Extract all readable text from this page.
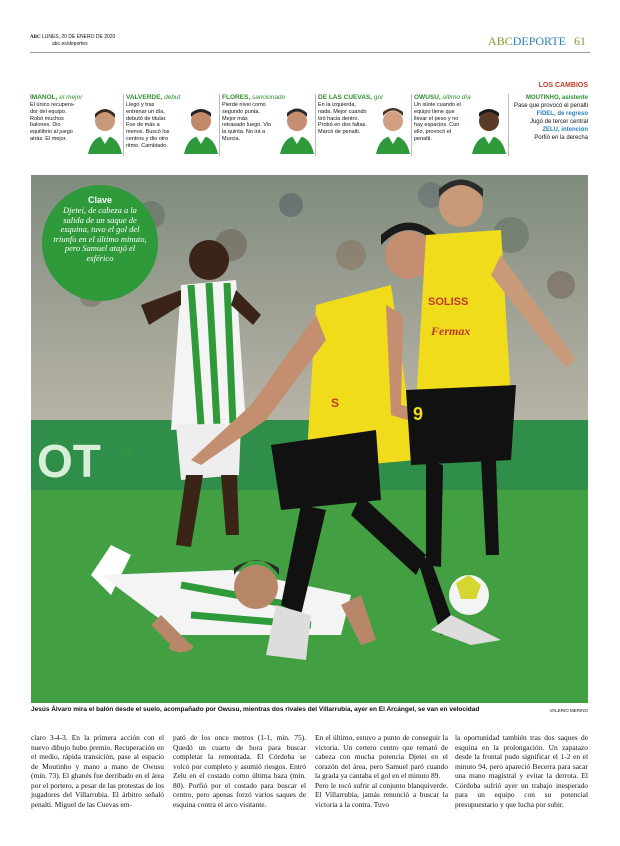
ABC LUNES, 20 DE ENERO DE 2020
abc.es/deportes	ABCDEPORTE 61
IMANOL, el mejor
El único recupera- dor del equipo. Robó muchos balones. Dio equilibrio al juego atrás. El mejor.
VALVERDE, debut
Llegó y tras entrenar un día, debutó de titular. Fue de más a menos. Buscó los centros y dio otro ritmo. Cambiado.
FLORES, sancionado
Pierde nivel como segundo punta. Mejor más retrasado luego. Vio la quinta. No irá a Murcia.
DE LAS CUEVAS, gol
En la izquierda, nada. Mejor cuando tiró hacia dentro. Probó en dos faltas. Marcó de penalti.
OWUSU, último día
Un islote cuando el equipo tiene que llevar el peso y no hay espacios. Con ello, provocó el penalti.
LOS CAMBIOS
MOUTINHO, asistente
Pase que provocó el penalti
FIDEL, de regreso
Jugó de tercer central
ZELU, intención
Porfió en la derecha
OT 9
S
SOLISS
Fermax
9
Clave
Djetei, de cabeza a la salida de un saque de esquina, tuvo el gol del triunfo en el último minuto, pero Samuel atajó el esférico
Jesús Álvaro mira el balón desde el suelo, acompañado por Owusu, mientras dos rivales del Villarrubia, ayer en El Arcángel, se van en velocidad	VALERIO MERINO
claro 3-4-3. En la primera acción con el nuevo dibujo hubo premio. Recuperación en el medio, rápida transición, pase al espacio de Moutinho y mano a mano de Owusu (min. 73). El ghanés fue derribado en el área por el portero, a pesar de las protestas de los jugadores del Villarrubia. El árbitro señaló penalti. Miguel de las Cuevas em-
pató de los once metros (1-1, min. 75). Quedó un cuarto de hora para buscar completar la remontada. El Córdoba se volcó por completo y asumió riesgos. Entró Zelu en el costado como última baza (min. 80). Porfió por el costado para buscar el centro, pero apenas forzó varios saques de esquina contra el arco visitante.
En el último, estuvo a punto de conseguir la victoria. Un certero centro que remató de cabeza con mucha potencia Djetei en el corazón del área, pero Samuel paró cuando la grada ya cantaba el gol en el minuto 89.
Pero le tocó sufrir al conjunto blanquiverde. El Villarrubia, jamás renunció a buscar la victoria a la contra. Tuvo
la oportunidad también tras dos saques de esquina en la prolongación. Un zapatazo desde la frontal pudo significar el 1-2 en el minuto 94, pero apareció Becerra para sacar una mano magistral y evitar la derrota. El Córdoba sufrió ayer un trabajo inesperado para un equipo con su potencial presupuestario y que lucha por subir.
